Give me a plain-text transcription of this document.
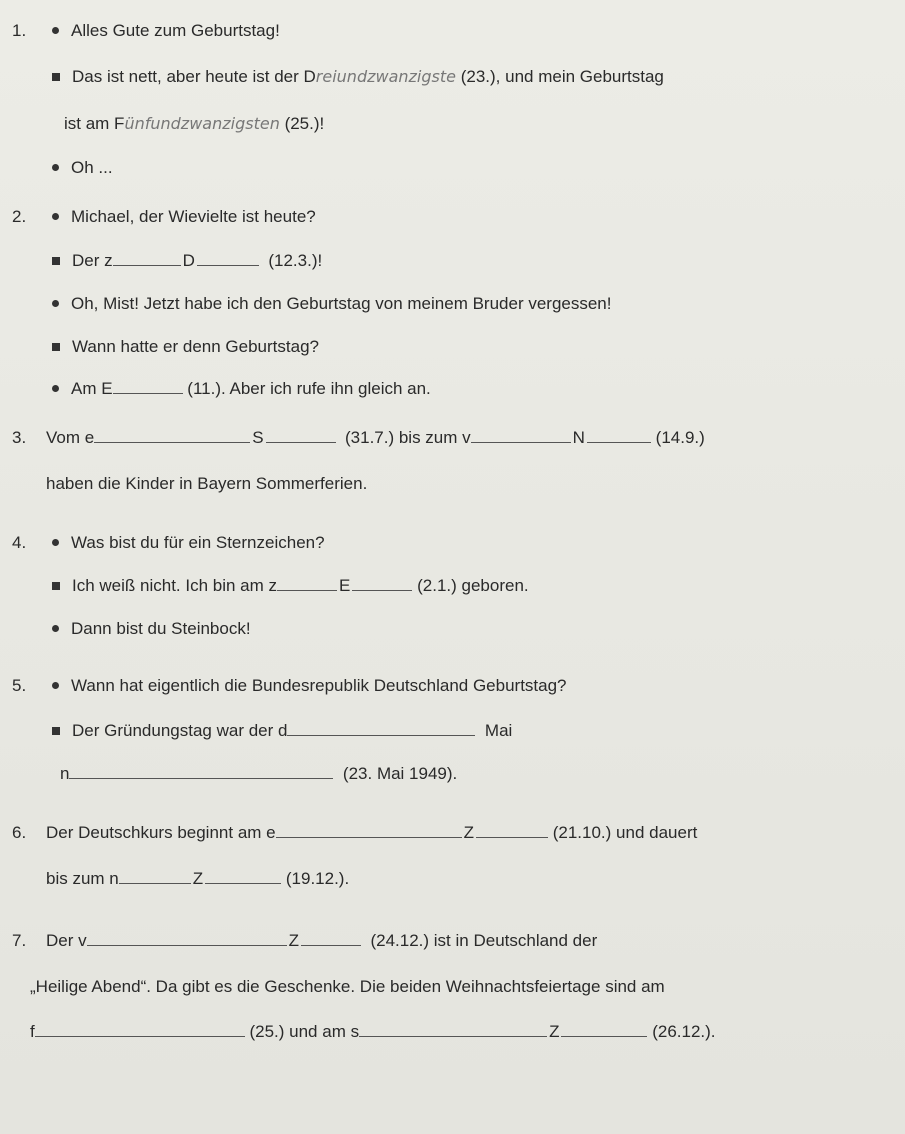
1.	Alles Gute zum Geburtstag!
Das ist nett, aber heute ist der Dreiundzwanzigste (23.), und mein Geburtstag
ist am Fünfundzwanzigsten (25.)!
Oh ...
2.	Michael, der Wievielte ist heute?
Der z	D	(12.3.)!
Oh, Mist! Jetzt habe ich den Geburtstag von meinem Bruder vergessen!
Wann hatte er denn Geburtstag?
Am E	(11.). Aber ich rufe ihn gleich an.
3. Vom e	S	(31.7.) bis zum v	N	(14.9.)
haben die Kinder in Bayern Sommerferien.
4.	Was bist du für ein Sternzeichen?
Ich weiß nicht. Ich bin am z	E	(2.1.) geboren.
Dann bist du Steinbock!
5.	Wann hat eigentlich die Bundesrepublik Deutschland Geburtstag?
Der Gründungstag war der d	Mai
n	(23. Mai 1949).
6. Der Deutschkurs beginnt am e	Z	(21.10.) und dauert
bis zum n	Z	(19.12.).
7. Der v	Z	(24.12.) ist in Deutschland der
„Heilige Abend“. Da gibt es die Geschenke. Die beiden Weihnachtsfeiertage sind am
f	(25.) und am s	Z	(26.12.).
